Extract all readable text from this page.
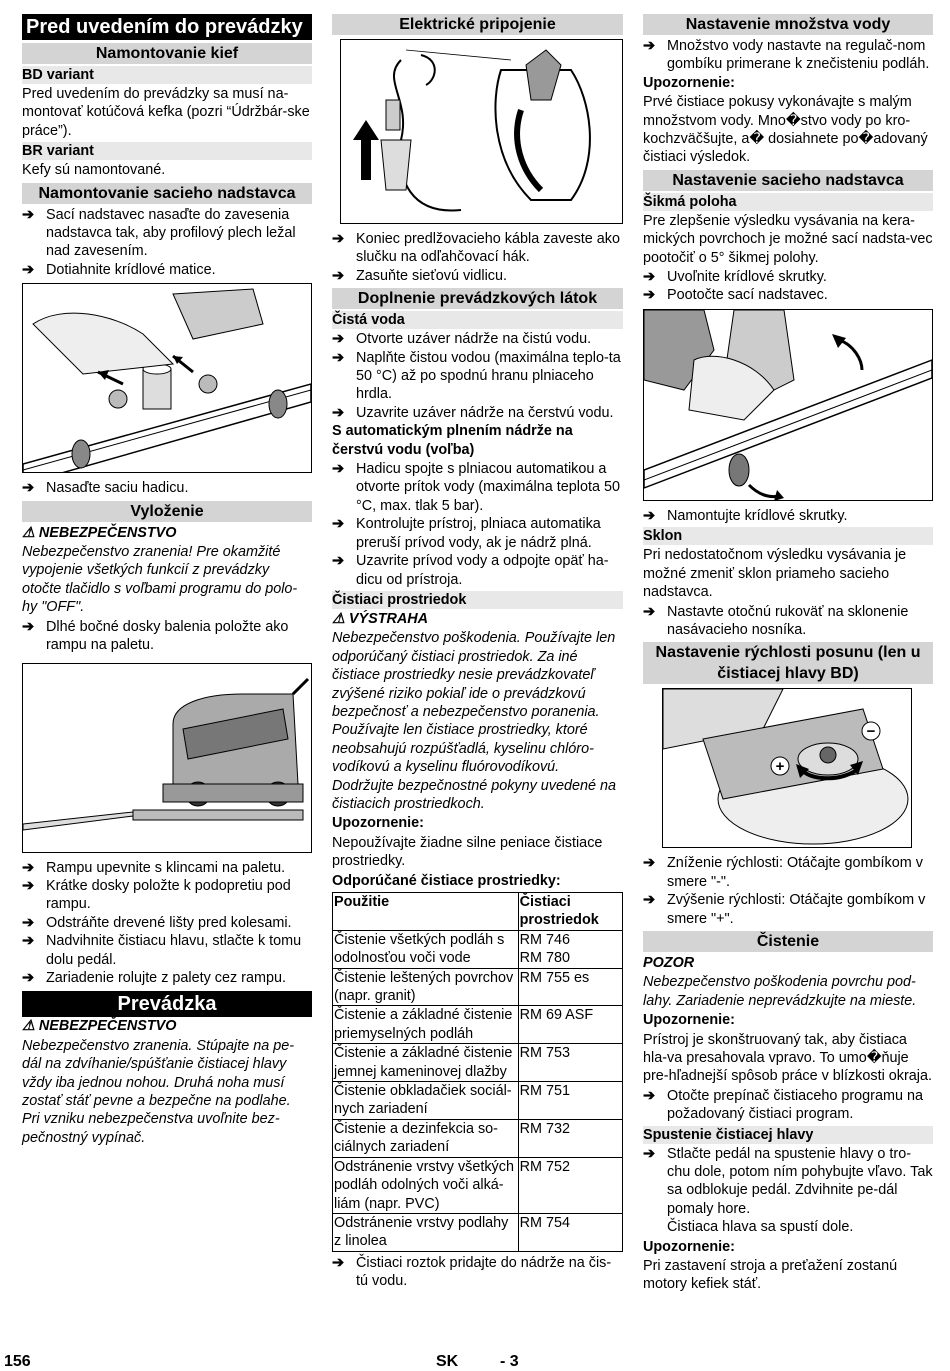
Pred uvedením do prevádzky
Namontovanie kief
BD variant
Pred uvedením do prevádzky sa musí na-montovať kotúčová kefka (pozri “Údržbár-ske práce”).
BR variant
Kefy sú namontované.
Namontovanie sacieho nadstavca
➔ Sací nadstavec nasaďte do zavesenia nadstavca tak, aby profilový plech ležal nad zavesením.
➔ Dotiahnite krídlové matice.
➔ Nasaďte saciu hadicu.
Vyloženie
⚠ NEBEZPEČENSTVO
Nebezpečenstvo zranenia! Pre okamžité vypojenie všetkých funkcií z prevádzky otočte tlačidlo s voľbami programu do polo-hy "OFF".
➔ Dlhé bočné dosky balenia položte ako rampu na paletu.
➔ Rampu upevnite s klincami na paletu.
➔ Krátke dosky položte k podopretiu pod rampu.
➔ Odstráňte drevené lišty pred kolesami.
➔ Nadvihnite čistiacu hlavu, stlačte k tomu dolu pedál.
➔ Zariadenie rolujte z palety cez rampu.
Prevádzka
⚠ NEBEZPEČENSTVO
Nebezpečenstvo zranenia. Stúpajte na pe-dál na zdvíhanie/spúšťanie čistiacej hlavy vždy iba jednou nohou. Druhá noha musí zostať stáť pevne a bezpečne na podlahe. Pri vzniku nebezpečenstva uvoľnite bez-pečnostný vypínač.
Elektrické pripojenie
➔ Koniec predlžovacieho kábla zaveste ako slučku na odľahčovací hák.
➔ Zasuňte sieťovú vidlicu.
Doplnenie prevádzkových látok
Čistá voda
➔ Otvorte uzáver nádrže na čistú vodu.
➔ Naplňte čistou vodou (maximálna teplo-ta 50 °C) až po spodnú hranu plniaceho hrdla.
➔ Uzavrite uzáver nádrže na čerstvú vodu.
S automatickým plnením nádrže na čerstvú vodu (voľba)
➔ Hadicu spojte s plniacou automatikou a otvorte prítok vody (maximálna teplota 50 °C, max. tlak 5 bar).
➔ Kontrolujte prístroj, plniaca automatika preruší prívod vody, ak je nádrž plná.
➔ Uzavrite prívod vody a odpojte opäť ha-dicu od prístroja.
Čistiaci prostriedok
⚠ VÝSTRAHA
Nebezpečenstvo poškodenia. Používajte len odporúčaný čistiaci prostriedok. Za iné čistiace prostriedky nesie prevádzkovateľ zvýšené riziko pokiaľ ide o prevádzkovú bezpečnosť a nebezpečenstvo poranenia. Používajte len čistiace prostriedky, ktoré neobsahujú rozpúšťadlá, kyselinu chlóro-vodíkovú a kyselinu fluórovodíkovú. Dodržujte bezpečnostné pokyny uvedené na čistiacich prostriedkoch.
Upozornenie:
Nepoužívajte žiadne silne peniace čistiace prostriedky.
Odporúčané čistiace prostriedky:
Použitie	Čistiaci prostriedok
Čistenie všetkých podláh s odolnosťou voči vode	RM 746
RM 780
Čistenie leštených povrchov (napr. granit)	RM 755 es
Čistenie a základné čistenie priemyselných podláh	RM 69 ASF
Čistenie a základné čistenie jemnej kameninovej dlažby	RM 753
Čistenie obkladačiek sociál-nych zariadení	RM 751
Čistenie a dezinfekcia so-ciálnych zariadení	RM 732
Odstránenie vrstvy všetkých podláh odolných voči alká-liám (napr. PVC)	RM 752
Odstránenie vrstvy podlahy z linolea	RM 754
➔ Čistiaci roztok pridajte do nádrže na čis-tú vodu.
Nastavenie množstva vody
➔ Množstvo vody nastavte na regulač-nom gombíku primerane k znečisteniu podláh.
Upozornenie:
Prvé čistiace pokusy vykonávajte s malým množstvom vody. Mno�stvo vody po kro-kochzväčšujte, a� dosiahnete po�adovaný čistiaci výsledok.
Nastavenie sacieho nadstavca
Šikmá poloha
Pre zlepšenie výsledku vysávania na kera-mických povrchoch je možné sací nadsta-vec pootočiť o 5° šikmej polohy.
➔ Uvoľnite krídlové skrutky.
➔ Pootočte sací nadstavec.
➔ Namontujte krídlové skrutky.
Sklon
Pri nedostatočnom výsledku vysávania je možné zmeniť sklon priameho sacieho nadstavca.
➔ Nastavte otočnú rukoväť na sklonenie nasávacieho nosníka.
Nastavenie rýchlosti posunu (len u čistiacej hlavy BD)
+
−
➔ Zníženie rýchlosti: Otáčajte gombíkom v smere "-".
➔ Zvýšenie rýchlosti: Otáčajte gombíkom v smere "+".
Čistenie
POZOR
Nebezpečenstvo poškodenia povrchu pod-lahy. Zariadenie neprevádzkujte na mieste.
Upozornenie:
Prístroj je skonštruovaný tak, aby čistiaca hla-va presahovala vpravo. To umo�ňuje pre-hľadnejší spôsob práce v blízkosti okraja.
➔ Otočte prepínač čistiaceho programu na požadovaný čistiaci program.
Spustenie čistiacej hlavy
➔ Stlačte pedál na spustenie hlavy o tro-chu dole, potom ním pohybujte vľavo. Tak sa odblokuje pedál. Zdvihnite pe-dál pomaly hore.
Čistiaca hlava sa spustí dole.
Upozornenie:
Pri zastavení stroja a preťažení zostanú motory kefiek stáť.
156	SK	- 3
